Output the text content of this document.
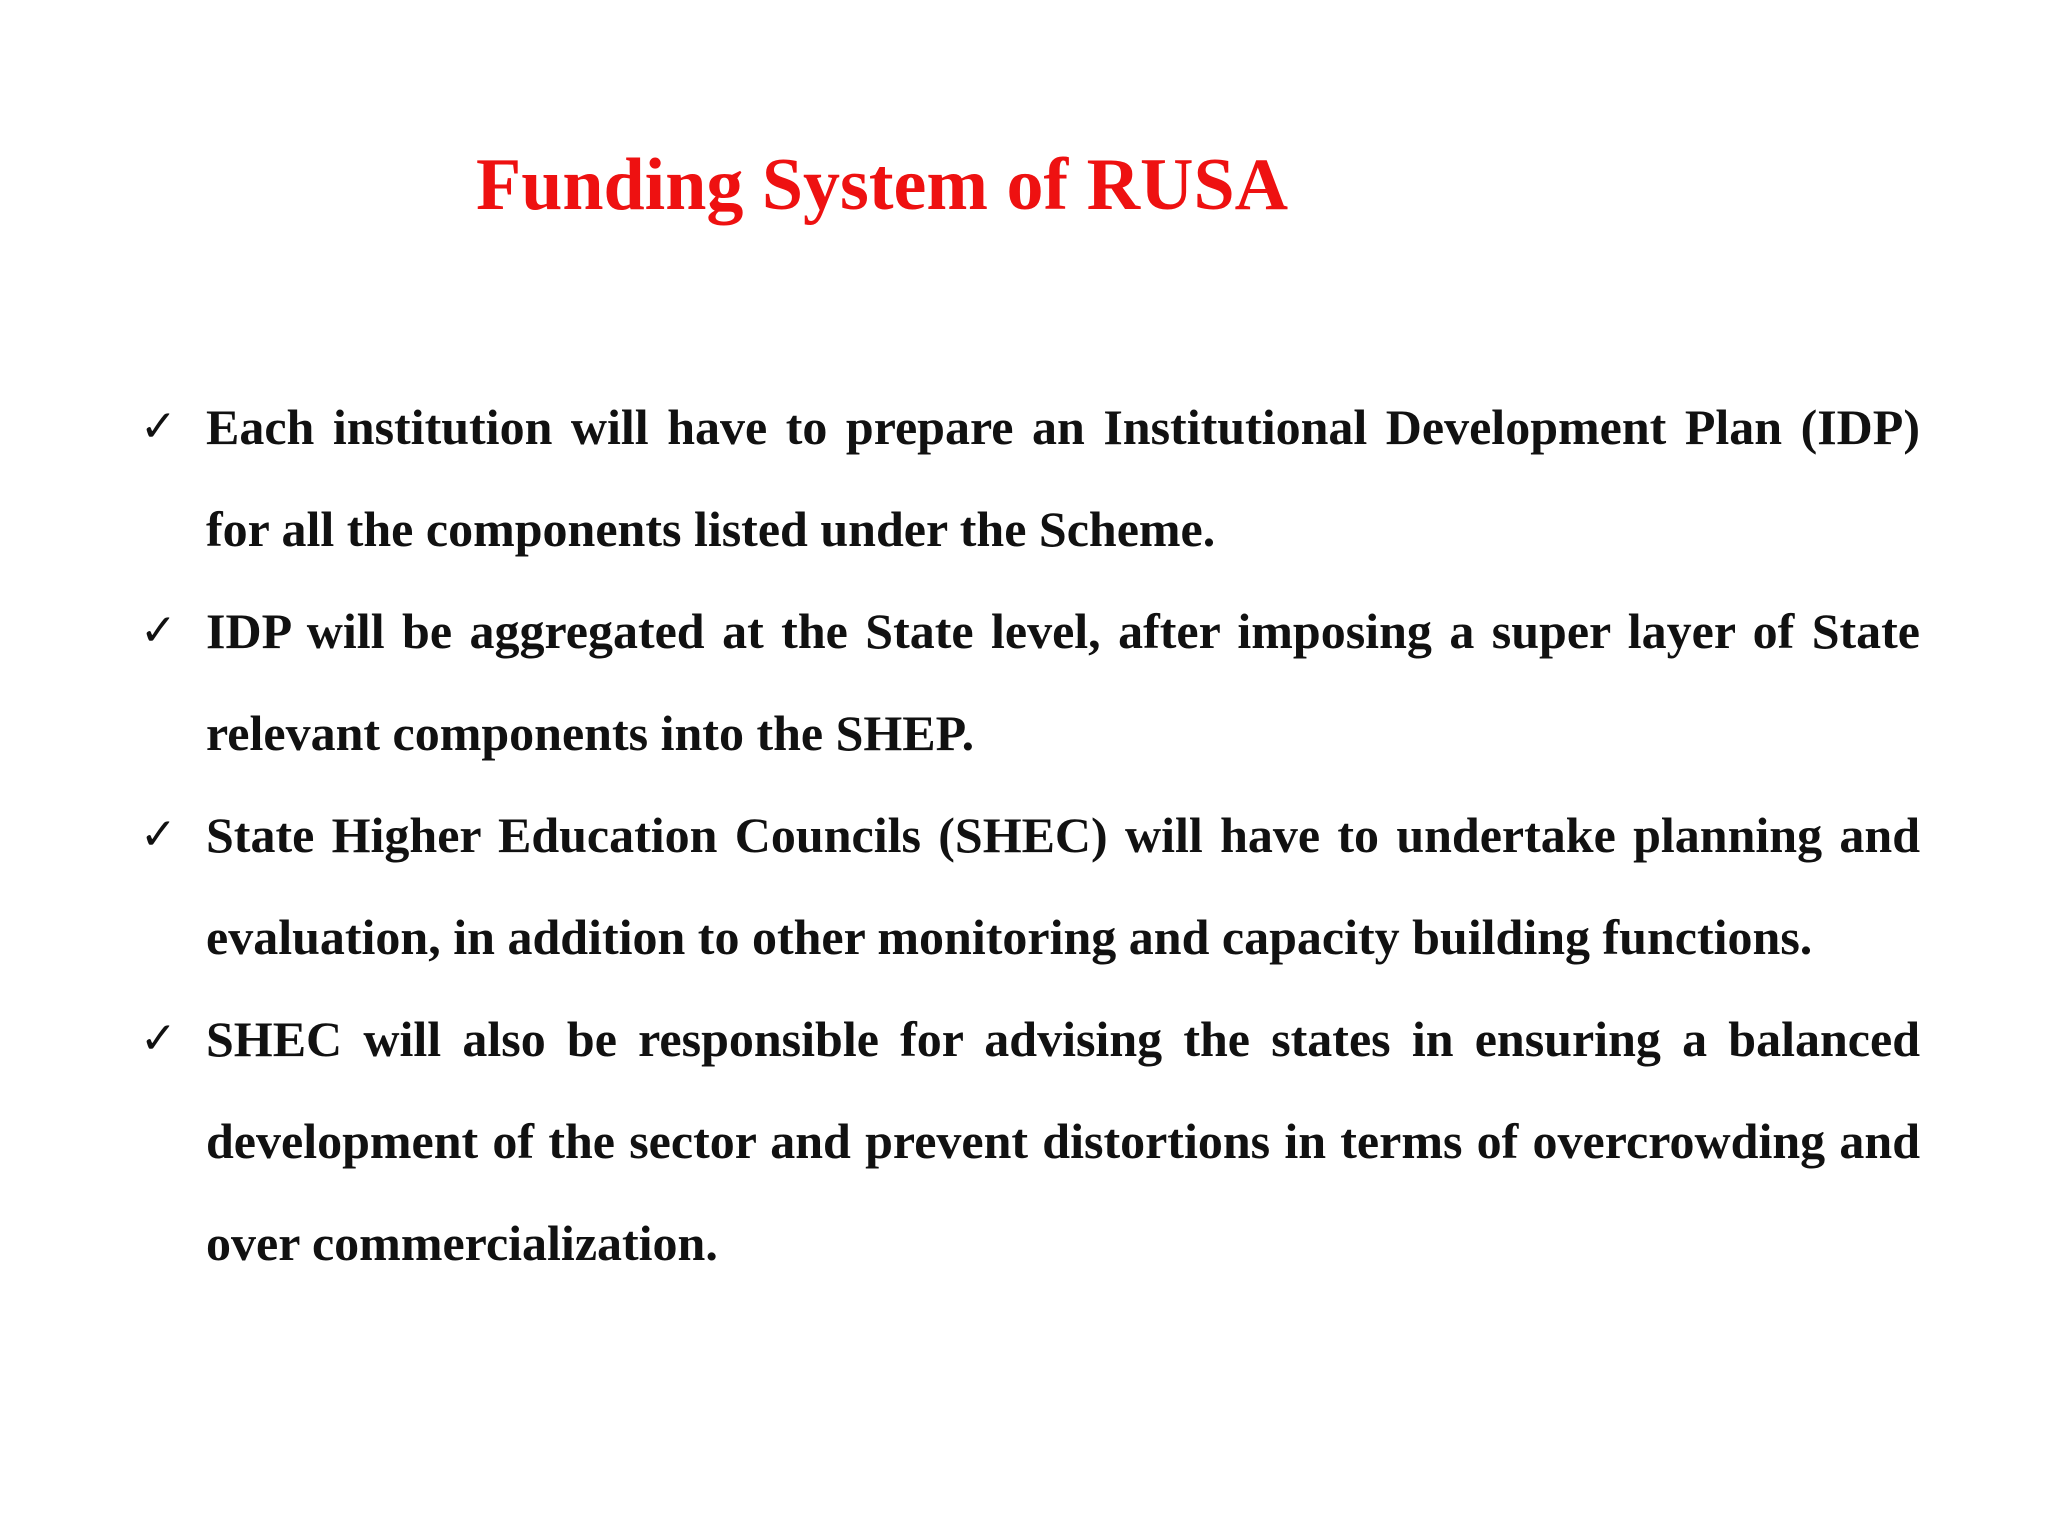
Funding System of RUSA
✓ Each institution will have to prepare an Institutional Development Plan (IDP) for all the components listed under the Scheme.
✓ IDP will be aggregated at the State level, after imposing a super layer of State relevant components into the SHEP.
✓ State Higher Education Councils (SHEC) will have to undertake planning and evaluation, in addition to other monitoring and capacity building functions.
✓ SHEC will also be responsible for advising the states in ensuring a balanced development of the sector and prevent distortions in terms of overcrowding and over commercialization.
